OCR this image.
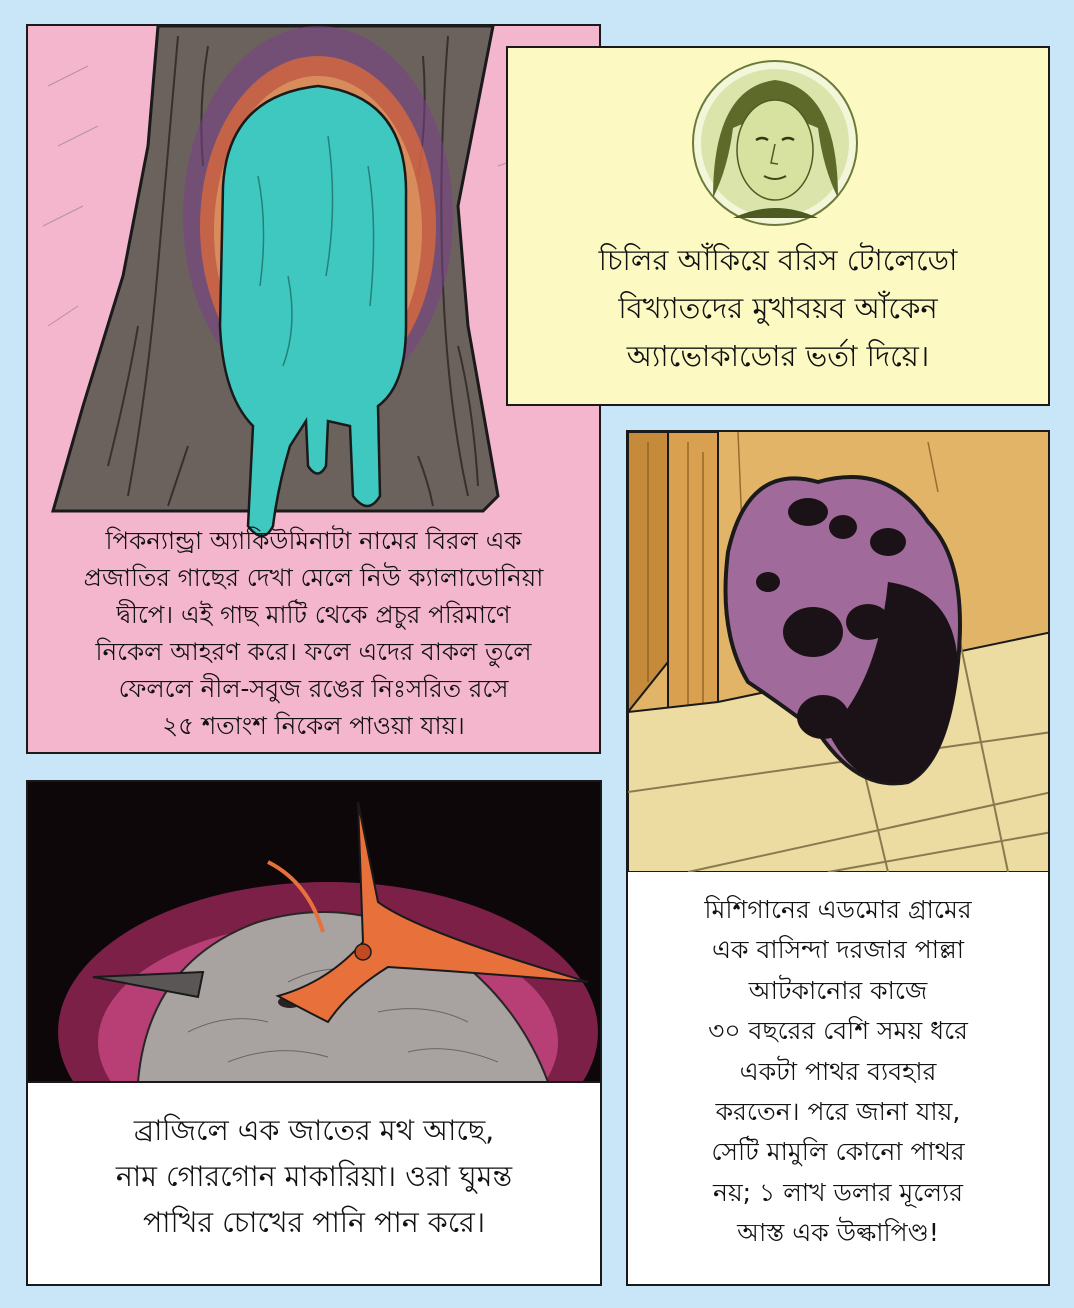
পিকন্যান্ড্রা অ্যাকিউমিনাটা নামের বিরল এক
প্রজাতির গাছের দেখা মেলে নিউ ক্যালাডোনিয়া
দ্বীপে। এই গাছ মাটি থেকে প্রচুর পরিমাণে
নিকেল আহরণ করে। ফলে এদের বাকল তুলে
ফেললে নীল-সবুজ রঙের নিঃসরিত রসে
২৫ শতাংশ নিকেল পাওয়া যায়।
চিলির আঁকিয়ে বরিস টোলেডো
বিখ্যাতদের মুখাবয়ব আঁকেন
অ্যাভোকাডোর ভর্তা দিয়ে।
মিশিগানের এডমোর গ্রামের
এক বাসিন্দা দরজার পাল্লা
আটকানোর কাজে
৩০ বছরের বেশি সময় ধরে
একটা পাথর ব্যবহার
করতেন। পরে জানা যায়,
সেটি মামুলি কোনো পাথর
নয়; ১ লাখ ডলার মূল্যের
আস্ত এক উল্কাপিণ্ড!
ব্রাজিলে এক জাতের মথ আছে,
নাম গোরগোন মাকারিয়া। ওরা ঘুমন্ত
পাখির চোখের পানি পান করে।
